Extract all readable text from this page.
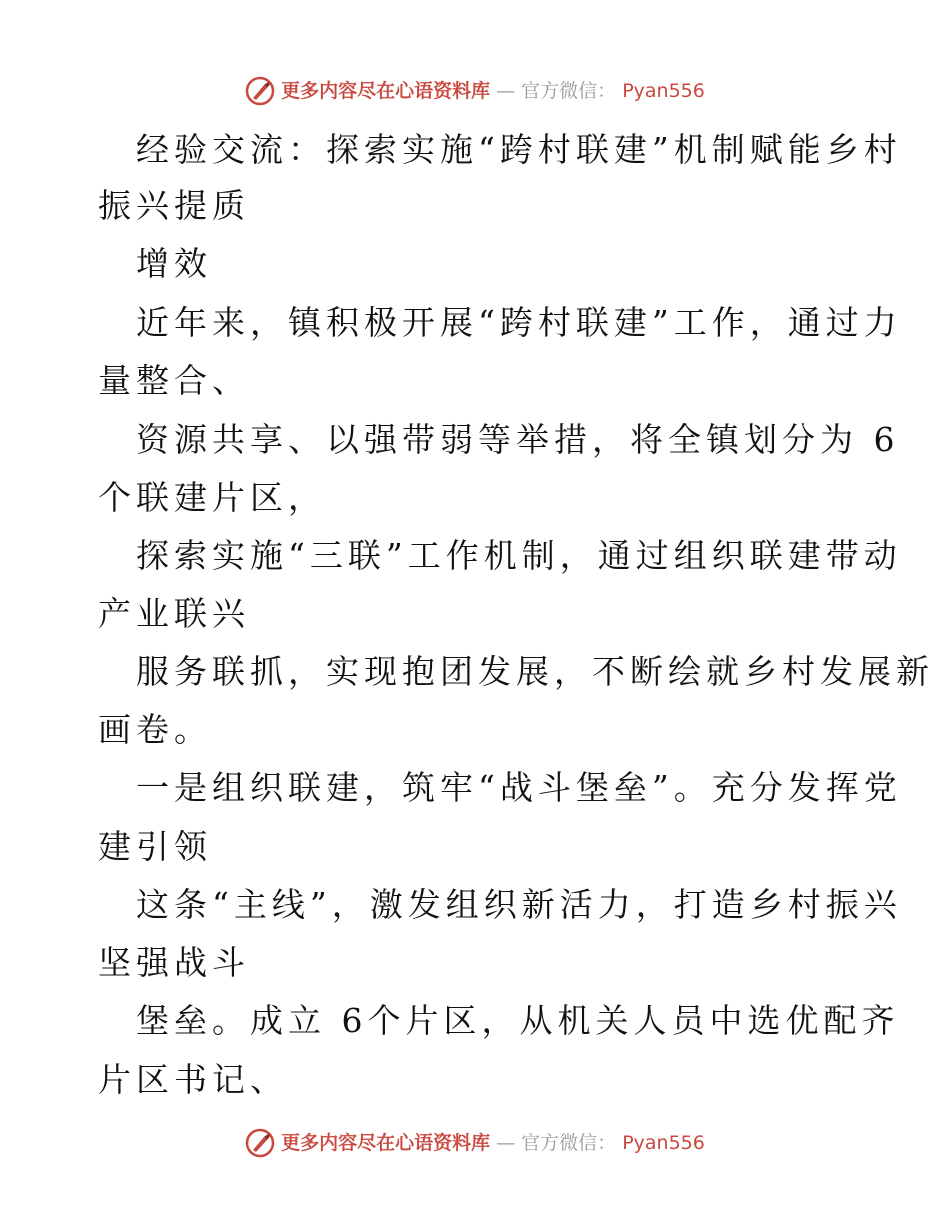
更多内容尽在心语资料库 — 官方微信： Pyan556
经验交流：探索实施“跨村联建”机制赋能乡村
振兴提质
增效
近年来，镇积极开展“跨村联建”工作，通过力
量整合、
资源共享、以强带弱等举措，将全镇划分为 6
个联建片区，
探索实施“三联”工作机制，通过组织联建带动
产业联兴
服务联抓，实现抱团发展，不断绘就乡村发展新
画卷。
一是组织联建，筑牢“战斗堡垒”。充分发挥党
建引领
这条“主线”，激发组织新活力，打造乡村振兴
坚强战斗
堡垒。成立 6个片区，从机关人员中选优配齐
片区书记、
更多内容尽在心语资料库 — 官方微信： Pyan556
